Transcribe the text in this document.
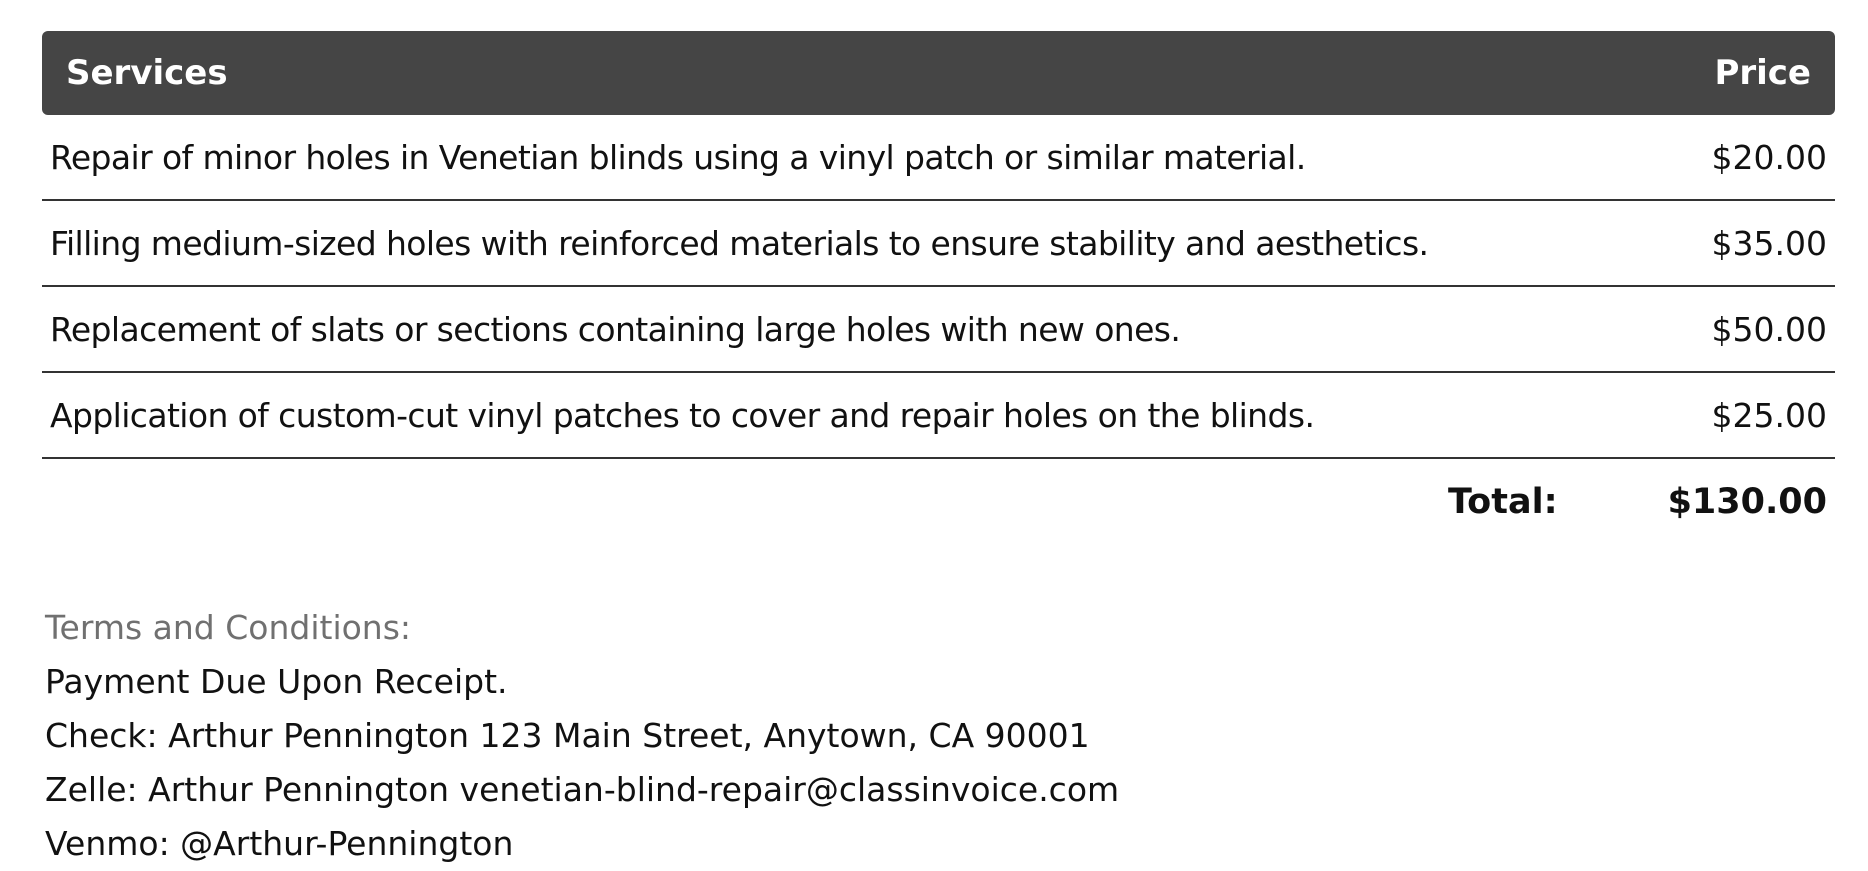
Services	Price
Repair of minor holes in Venetian blinds using a vinyl patch or similar material.	$20.00
Filling medium-sized holes with reinforced materials to ensure stability and aesthetics.	$35.00
Replacement of slats or sections containing large holes with new ones.	$50.00
Application of custom-cut vinyl patches to cover and repair holes on the blinds.	$25.00
Total:	$130.00
Terms and Conditions:
Payment Due Upon Receipt.
Check: Arthur Pennington 123 Main Street, Anytown, CA 90001
Zelle: Arthur Pennington venetian-blind-repair@classinvoice.com
Venmo: @Arthur-Pennington
